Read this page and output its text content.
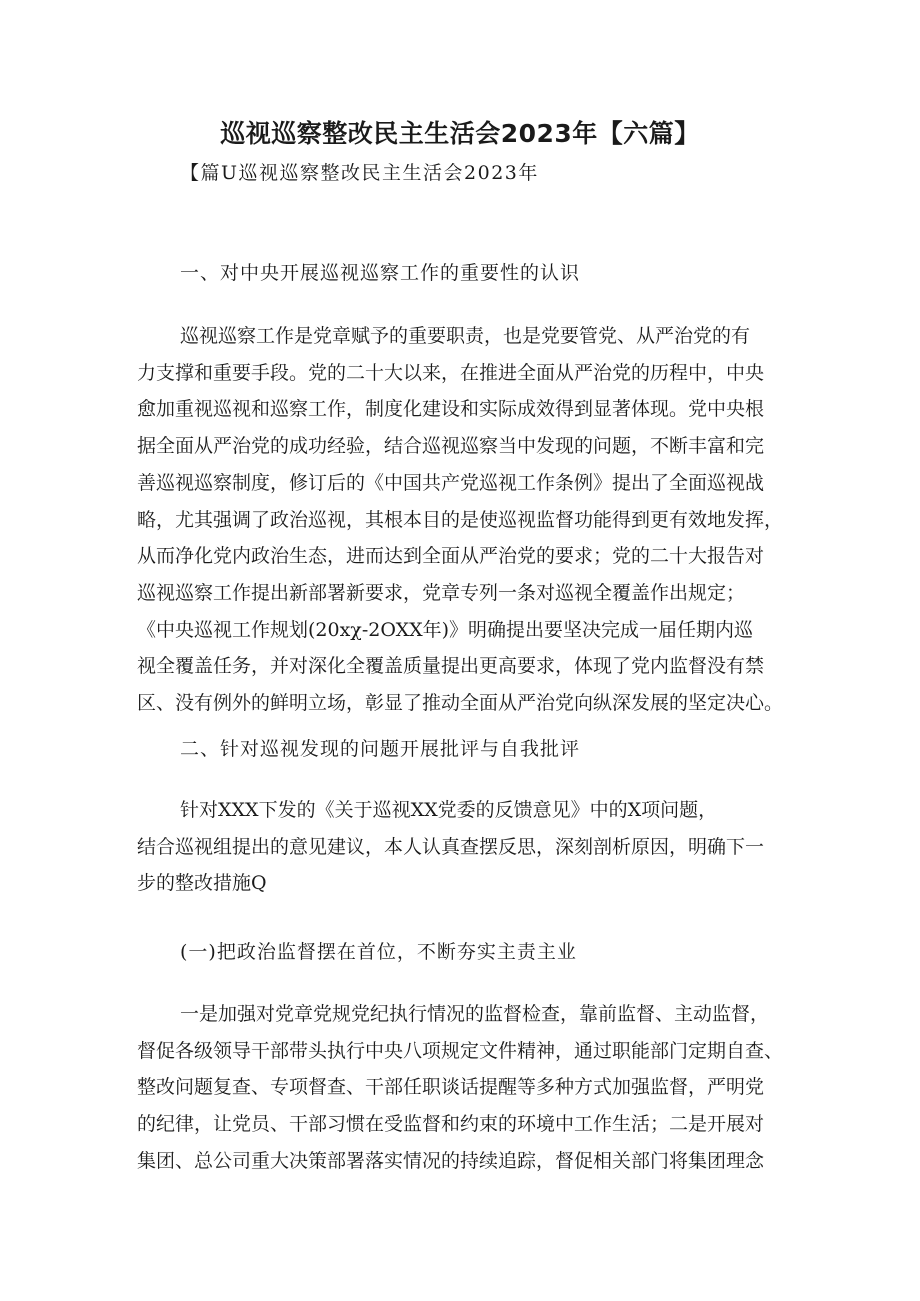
巡视巡察整改民主生活会2023年【六篇】

【篇U巡视巡察整改民主生活会2023年

一、对中央开展巡视巡察工作的重要性的认识

巡视巡察工作是党章赋予的重要职责，也是党要管党、从严治党的有
力支撑和重要手段。党的二十大以来，在推进全面从严治党的历程中，中央
愈加重视巡视和巡察工作，制度化建设和实际成效得到显著体现。党中央根
据全面从严治党的成功经验，结合巡视巡察当中发现的问题，不断丰富和完
善巡视巡察制度，修订后的《中国共产党巡视工作条例》提出了全面巡视战
略，尤其强调了政治巡视，其根本目的是使巡视监督功能得到更有效地发挥，
从而净化党内政治生态，进而达到全面从严治党的要求；党的二十大报告对
巡视巡察工作提出新部署新要求，党章专列一条对巡视全覆盖作出规定；
《中央巡视工作规划(20xχ-2OXX年)》明确提出要坚决完成一届任期内巡
视全覆盖任务，并对深化全覆盖质量提出更高要求，体现了党内监督没有禁
区、没有例外的鲜明立场，彰显了推动全面从严治党向纵深发展的坚定决心。

二、针对巡视发现的问题开展批评与自我批评

针对XXX下发的《关于巡视XX党委的反馈意见》中的X项问题，
结合巡视组提出的意见建议，本人认真查摆反思，深刻剖析原因，明确下一
步的整改措施Q

(一)把政治监督摆在首位，不断夯实主责主业

一是加强对党章党规党纪执行情况的监督检查，靠前监督、主动监督，
督促各级领导干部带头执行中央八项规定文件精神，通过职能部门定期自查、
整改问题复查、专项督查、干部任职谈话提醒等多种方式加强监督，严明党
的纪律，让党员、干部习惯在受监督和约束的环境中工作生活；二是开展对
集团、总公司重大决策部署落实情况的持续追踪，督促相关部门将集团理念
